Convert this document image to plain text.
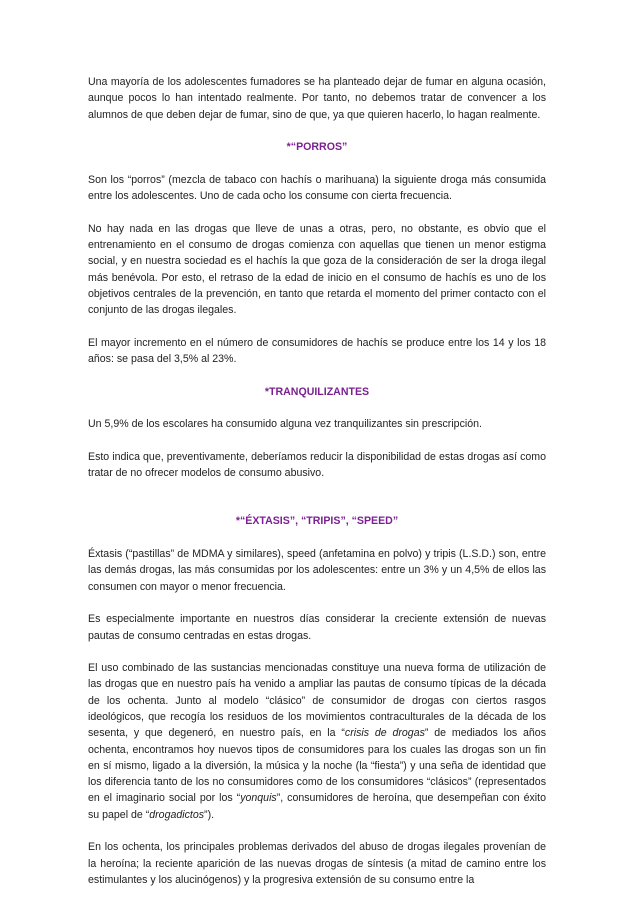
Una mayoría de los adolescentes fumadores se ha planteado dejar de fumar en alguna ocasión, aunque pocos lo han intentado realmente. Por tanto, no debemos tratar de convencer a los alumnos de que deben dejar de fumar, sino de que, ya que quieren hacerlo, lo hagan realmente.

*“PORROS”

Son los “porros” (mezcla de tabaco con hachís o marihuana) la siguiente droga más consumida entre los adolescentes. Uno de cada ocho los consume con cierta frecuencia.

No hay nada en las drogas que lleve de unas a otras, pero, no obstante, es obvio que el entrenamiento en el consumo de drogas comienza con aquellas que tienen un menor estigma social, y en nuestra sociedad es el hachís la que goza de la consideración de ser la droga ilegal más benévola. Por esto, el retraso de la edad de inicio en el consumo de hachís es uno de los objetivos centrales de la prevención, en tanto que retarda el momento del primer contacto con el conjunto de las drogas ilegales.

El mayor incremento en el número de consumidores de hachís se produce entre los 14 y los 18 años: se pasa del 3,5% al 23%.

*TRANQUILIZANTES

Un 5,9% de los escolares ha consumido alguna vez tranquilizantes sin prescripción.

Esto indica que, preventivamente, deberíamos reducir la disponibilidad de estas drogas así como tratar de no ofrecer modelos de consumo abusivo.

*“ÉXTASIS”, “TRIPIS”, “SPEED”

Éxtasis (“pastillas” de MDMA y similares), speed (anfetamina en polvo) y tripis (L.S.D.) son, entre las demás drogas, las más consumidas por los adolescentes: entre un 3% y un 4,5% de ellos las consumen con mayor o menor frecuencia.

Es especialmente importante en nuestros días considerar la creciente extensión de nuevas pautas de consumo centradas en estas drogas.

El uso combinado de las sustancias mencionadas constituye una nueva forma de utilización de las drogas que en nuestro país ha venido a ampliar las pautas de consumo típicas de la década de los ochenta. Junto al modelo “clásico” de consumidor de drogas con ciertos rasgos ideológicos, que recogía los residuos de los movimientos contraculturales de la década de los sesenta, y que degeneró, en nuestro país, en la “crisis de drogas” de mediados los años ochenta, encontramos hoy nuevos tipos de consumidores para los cuales las drogas son un fin en sí mismo, ligado a la diversión, la música y la noche (la “fiesta”) y una seña de identidad que los diferencia tanto de los no consumidores como de los consumidores “clásicos” (representados en el imaginario social por los “yonquis”, consumidores de heroína, que desempeñan con éxito su papel de “drogadictos”).

En los ochenta, los principales problemas derivados del abuso de drogas ilegales provenían de la heroína; la reciente aparición de las nuevas drogas de síntesis (a mitad de camino entre los estimulantes y los alucinógenos) y la progresiva extensión de su consumo entre la
